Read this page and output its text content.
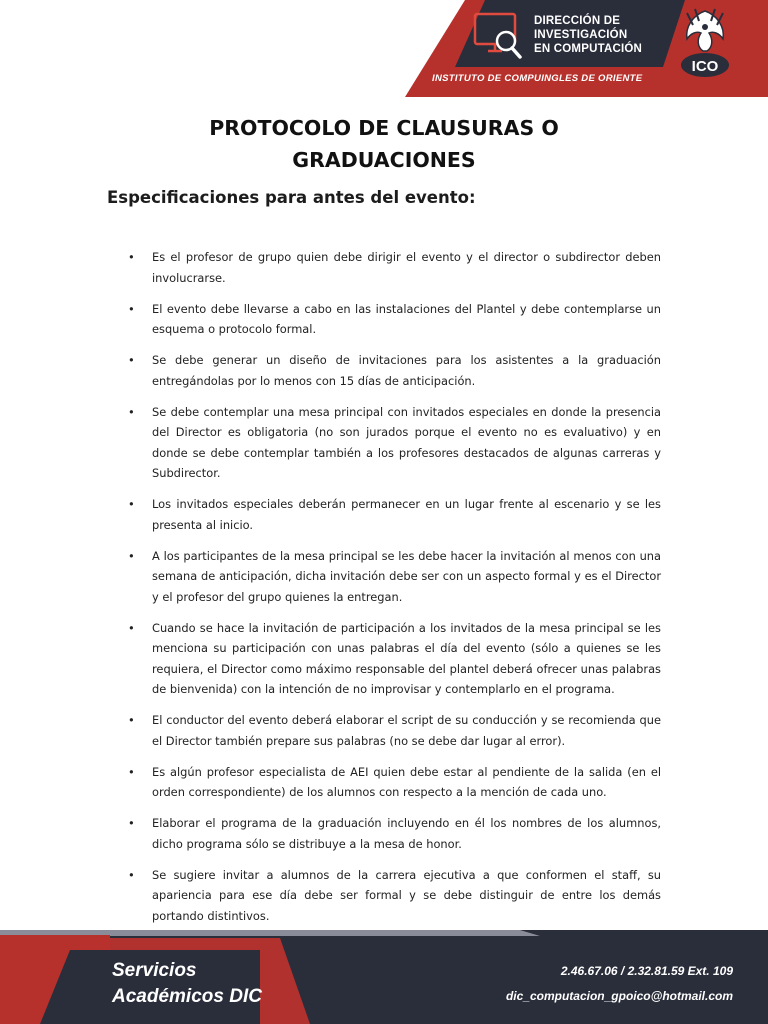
DIRECCIÓN DE
INVESTIGACIÓN
EN COMPUTACIÓN
INSTITUTO DE COMPUINGLES DE ORIENTE
ICO
PROTOCOLO DE CLAUSURAS O
GRADUACIONES
Especificaciones para antes del evento:
• Es el profesor de grupo quien debe dirigir el evento y el director o subdirector deben involucrarse.
• El evento debe llevarse a cabo en las instalaciones del Plantel y debe contemplarse un esquema o protocolo formal.
• Se debe generar un diseño de invitaciones para los asistentes a la graduación entregándolas por lo menos con 15 días de anticipación.
• Se debe contemplar una mesa principal con invitados especiales en donde la presencia del Director es obligatoria (no son jurados porque el evento no es evaluativo) y en donde se debe contemplar también a los profesores destacados de algunas carreras y Subdirector.
• Los invitados especiales deberán permanecer en un lugar frente al escenario y se les presenta al inicio.
• A los participantes de la mesa principal se les debe hacer la invitación al menos con una semana de anticipación, dicha invitación debe ser con un aspecto formal y es el Director y el profesor del grupo quienes la entregan.
• Cuando se hace la invitación de participación a los invitados de la mesa principal se les menciona su participación con unas palabras el día del evento (sólo a quienes se les requiera, el Director como máximo responsable del plantel deberá ofrecer unas palabras de bienvenida) con la intención de no improvisar y contemplarlo en el programa.
• El conductor del evento deberá elaborar el script de su conducción y se recomienda que el Director también prepare sus palabras (no se debe dar lugar al error).
• Es algún profesor especialista de AEI quien debe estar al pendiente de la salida (en el orden correspondiente) de los alumnos con respecto a la mención de cada uno.
• Elaborar el programa de la graduación incluyendo en él los nombres de los alumnos, dicho programa sólo se distribuye a la mesa de honor.
• Se sugiere invitar a alumnos de la carrera ejecutiva a que conformen el staff, su apariencia para ese día debe ser formal y se debe distinguir de entre los demás portando distintivos.
Servicios
Académicos DIC
2.46.67.06 / 2.32.81.59 Ext. 109
dic_computacion_gpoico@hotmail.com
